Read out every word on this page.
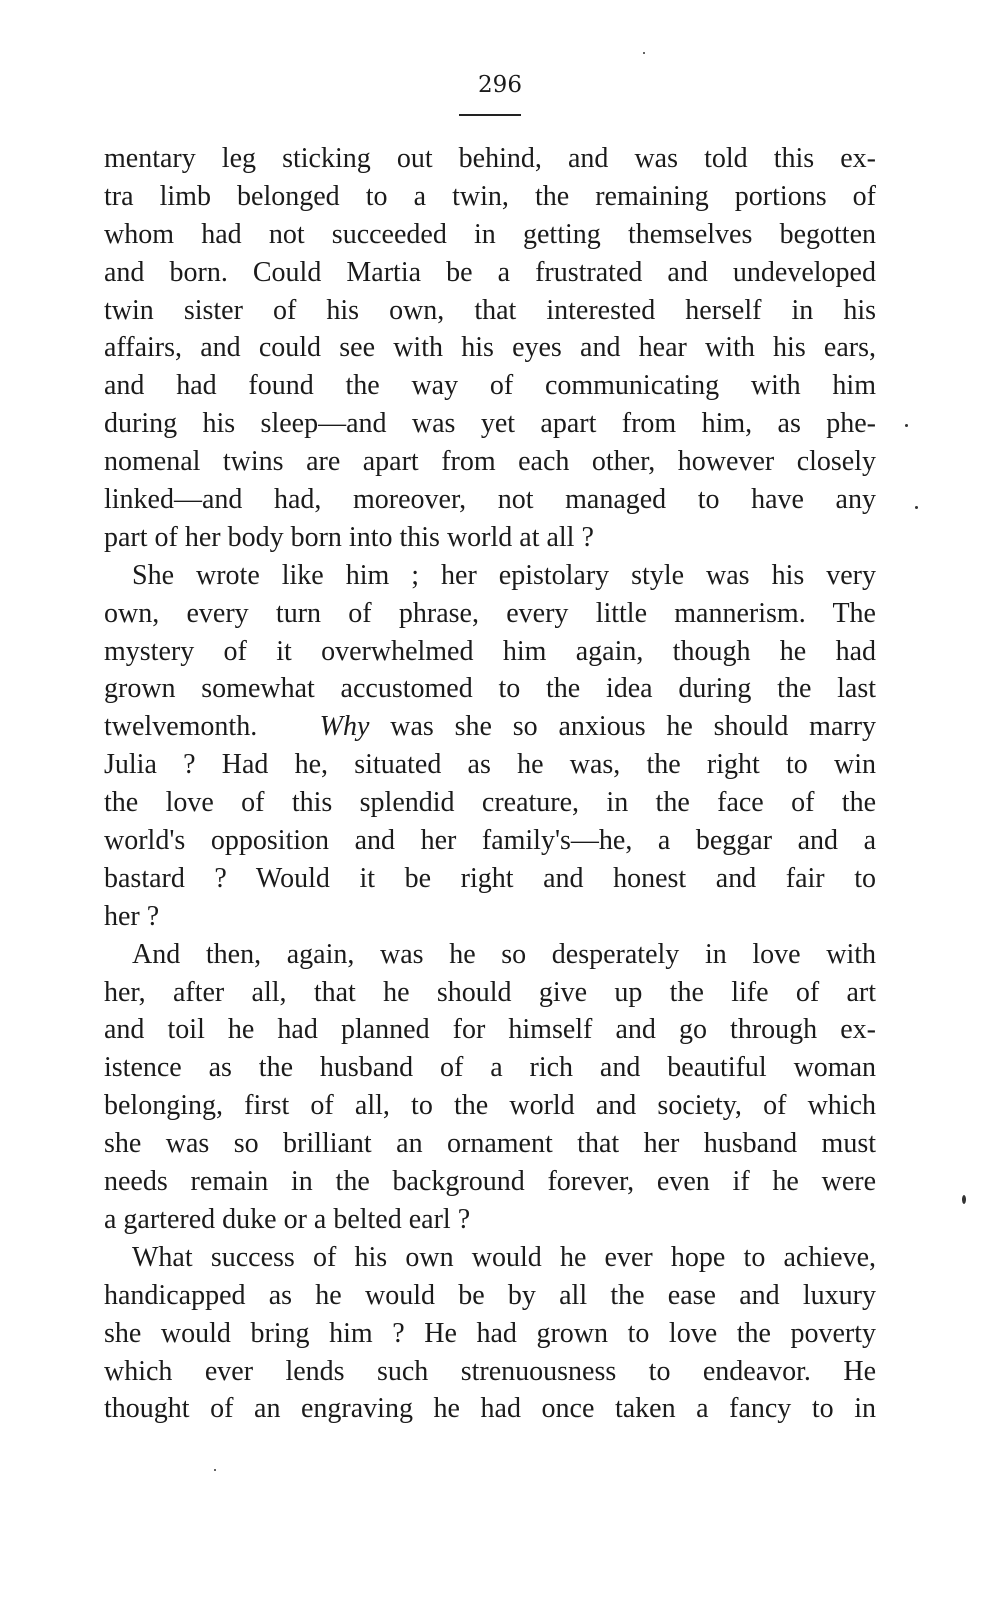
296
mentary leg sticking out behind, and was told this ex-
tra limb belonged to a twin, the remaining portions of
whom had not succeeded in getting themselves begotten
and born. Could Martia be a frustrated and undeveloped
twin sister of his own, that interested herself in his
affairs, and could see with his eyes and hear with his ears,
and had found the way of communicating with him
during his sleep—and was yet apart from him, as phe-
nomenal twins are apart from each other, however closely
linked—and had, moreover, not managed to have any
part of her body born into this world at all ?
She wrote like him ; her epistolary style was his very
own, every turn of phrase, every little mannerism. The
mystery of it overwhelmed him again, though he had
grown somewhat accustomed to the idea during the last
twelvemonth. Why was she so anxious he should marry
Julia ? Had he, situated as he was, the right to win
the love of this splendid creature, in the face of the
world's opposition and her family's—he, a beggar and a
bastard ? Would it be right and honest and fair to
her ?
And then, again, was he so desperately in love with
her, after all, that he should give up the life of art
and toil he had planned for himself and go through ex-
istence as the husband of a rich and beautiful woman
belonging, first of all, to the world and society, of which
she was so brilliant an ornament that her husband must
needs remain in the background forever, even if he were
a gartered duke or a belted earl ?
What success of his own would he ever hope to achieve,
handicapped as he would be by all the ease and luxury
she would bring him ? He had grown to love the poverty
which ever lends such strenuousness to endeavor. He
thought of an engraving he had once taken a fancy to in
